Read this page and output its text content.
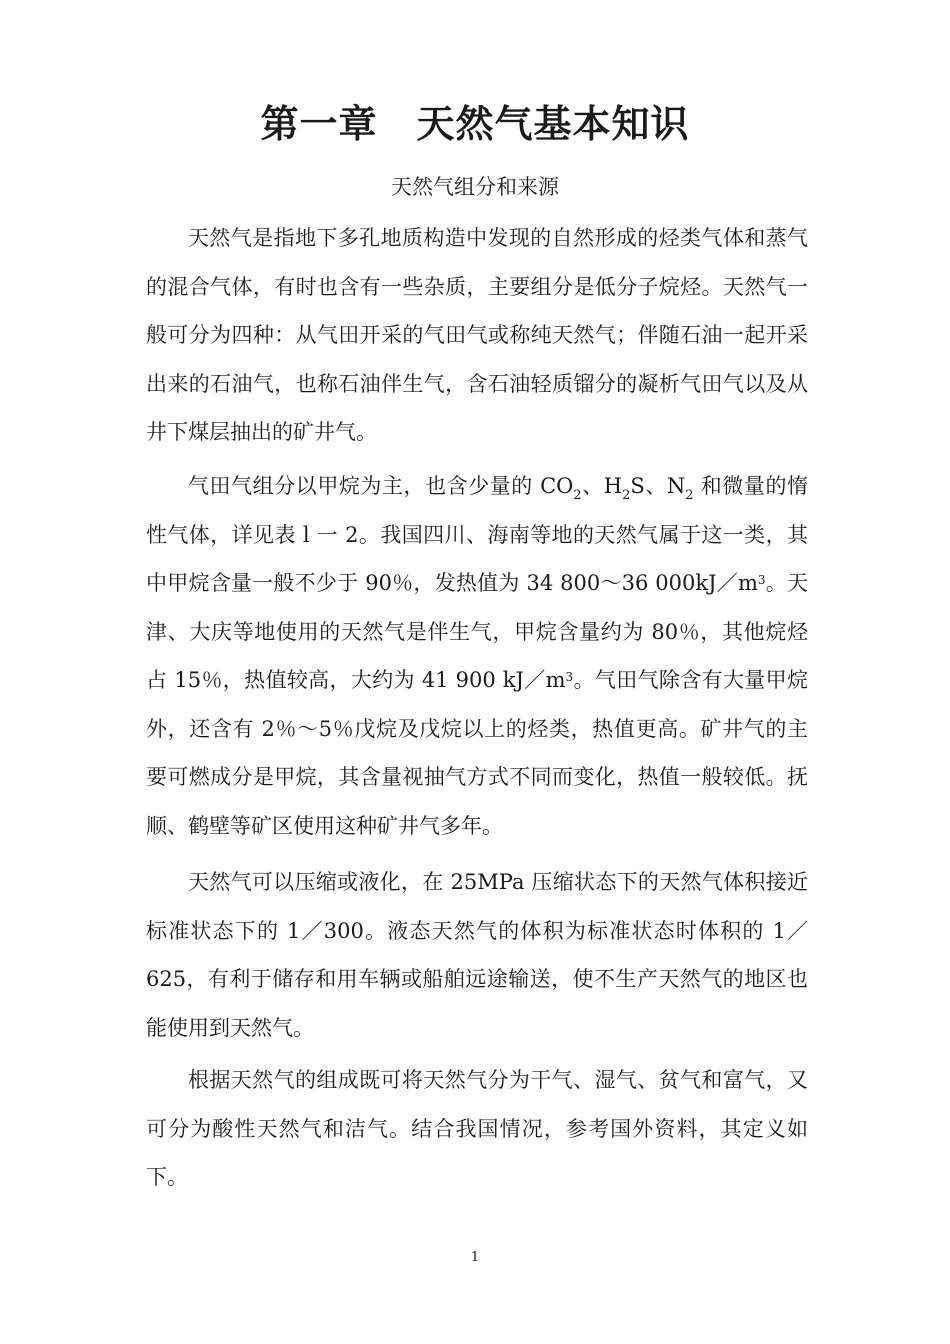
第一章　天然气基本知识
天然气组分和来源

天然气是指地下多孔地质构造中发现的自然形成的烃类气体和蒸气的混合气体，有时也含有一些杂质，主要组分是低分子烷烃。天然气一般可分为四种：从气田开采的气田气或称纯天然气；伴随石油一起开采出来的石油气，也称石油伴生气，含石油轻质镏分的凝析气田气以及从井下煤层抽出的矿井气。

气田气组分以甲烷为主，也含少量的 $CO_2$、$H_2S$、$N_2$ 和微量的惰性气体，详见表 l 一 2。我国四川、海南等地的天然气属于这一类，其中甲烷含量一般不少于 90％，发热值为 34 800～36 $000kJ/m^3$。天津、大庆等地使用的天然气是伴生气，甲烷含量约为 80％，其他烷烃占 15％，热值较高，大约为 41 900 $kJ/m^3$。气田气除含有大量甲烷外，还含有 2％～5％戊烷及戊烷以上的烃类，热值更高。矿井气的主要可燃成分是甲烷，其含量视抽气方式不同而变化，热值一般较低。抚顺、鹤壁等矿区使用这种矿井气多年。

天然气可以压缩或液化，在 25MPa 压缩状态下的天然气体积接近标准状态下的 1／300。液态天然气的体积为标准状态时体积的 1／625，有利于储存和用车辆或船舶远途输送，使不生产天然气的地区也能使用到天然气。

根据天然气的组成既可将天然气分为干气、湿气、贫气和富气，又可分为酸性天然气和洁气。结合我国情况，参考国外资料，其定义如下。

1
